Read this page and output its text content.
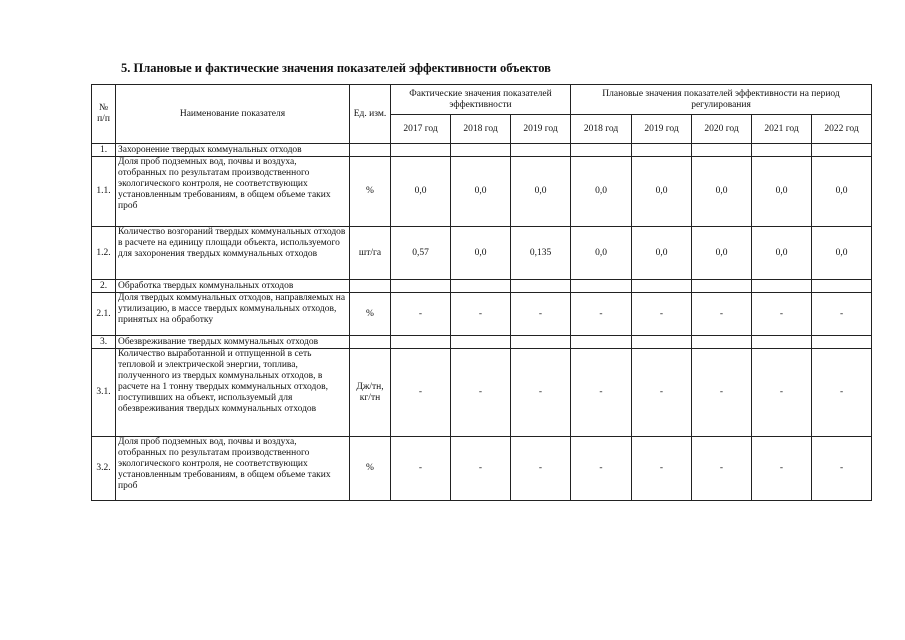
5. Плановые и фактические значения показателей эффективности объектов
№ п/п	Наименование показателя	Ед. изм.	Фактические значения показателей эффективности			Плановые значения показателей эффективности на период регулирования				
			2017 год	2018 год	2019 год	2018 год	2019 год	2020 год	2021 год	2022 год
1.	Захоронение твердых коммунальных отходов									
1.1.	Доля проб подземных вод, почвы и воздуха, отобранных по результатам производственного экологического контроля, не соответствующих установленным требованиям, в общем объеме таких проб	%	0,0	0,0	0,0	0,0	0,0	0,0	0,0	0,0
1.2.	Количество возгораний твердых коммунальных отходов в расчете на единицу площади объекта, используемого для захоронения твердых коммунальных отходов	шт/га	0,57	0,0	0,135	0,0	0,0	0,0	0,0	0,0
2.	Обработка твердых коммунальных отходов									
2.1.	Доля твердых коммунальных отходов, направляемых на утилизацию, в массе твердых коммунальных отходов, принятых на обработку	%	-	-	-	-	-	-	-	-
3.	Обезвреживание твердых коммунальных отходов									
3.1.	Количество выработанной и отпущенной в сеть тепловой и электрической энергии, топлива, полученного из твердых коммунальных отходов, в расчете на 1 тонну твердых коммунальных отходов, поступивших на объект, используемый для обезвреживания твердых коммунальных отходов	Дж/тн, кг/тн	-	-	-	-	-	-	-	-
3.2.	Доля проб подземных вод, почвы и воздуха, отобранных по результатам производственного экологического контроля, не соответствующих установленным требованиям, в общем объеме таких проб	%	-	-	-	-	-	-	-	-
